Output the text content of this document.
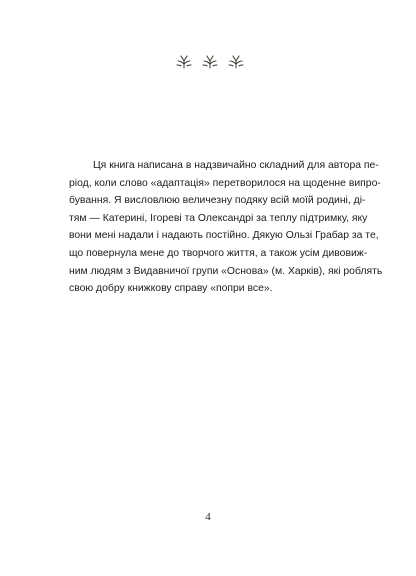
Ця книга написана в надзвичайно складний для автора пе-
ріод, коли слово «адаптація» перетворилося на щоденне випро-
бування. Я висловлюю величезну подяку всій моїй родині, ді-
тям — Катерині, Ігореві та Олександрі за теплу підтримку, яку
вони мені надали і надають постійно. Дякую Ользі Грабар за те,
що повернула мене до творчого життя, а також усім дивовиж-
ним людям з Видавничої групи «Основа» (м. Харків), які роблять
свою добру книжкову справу «попри все».
4
